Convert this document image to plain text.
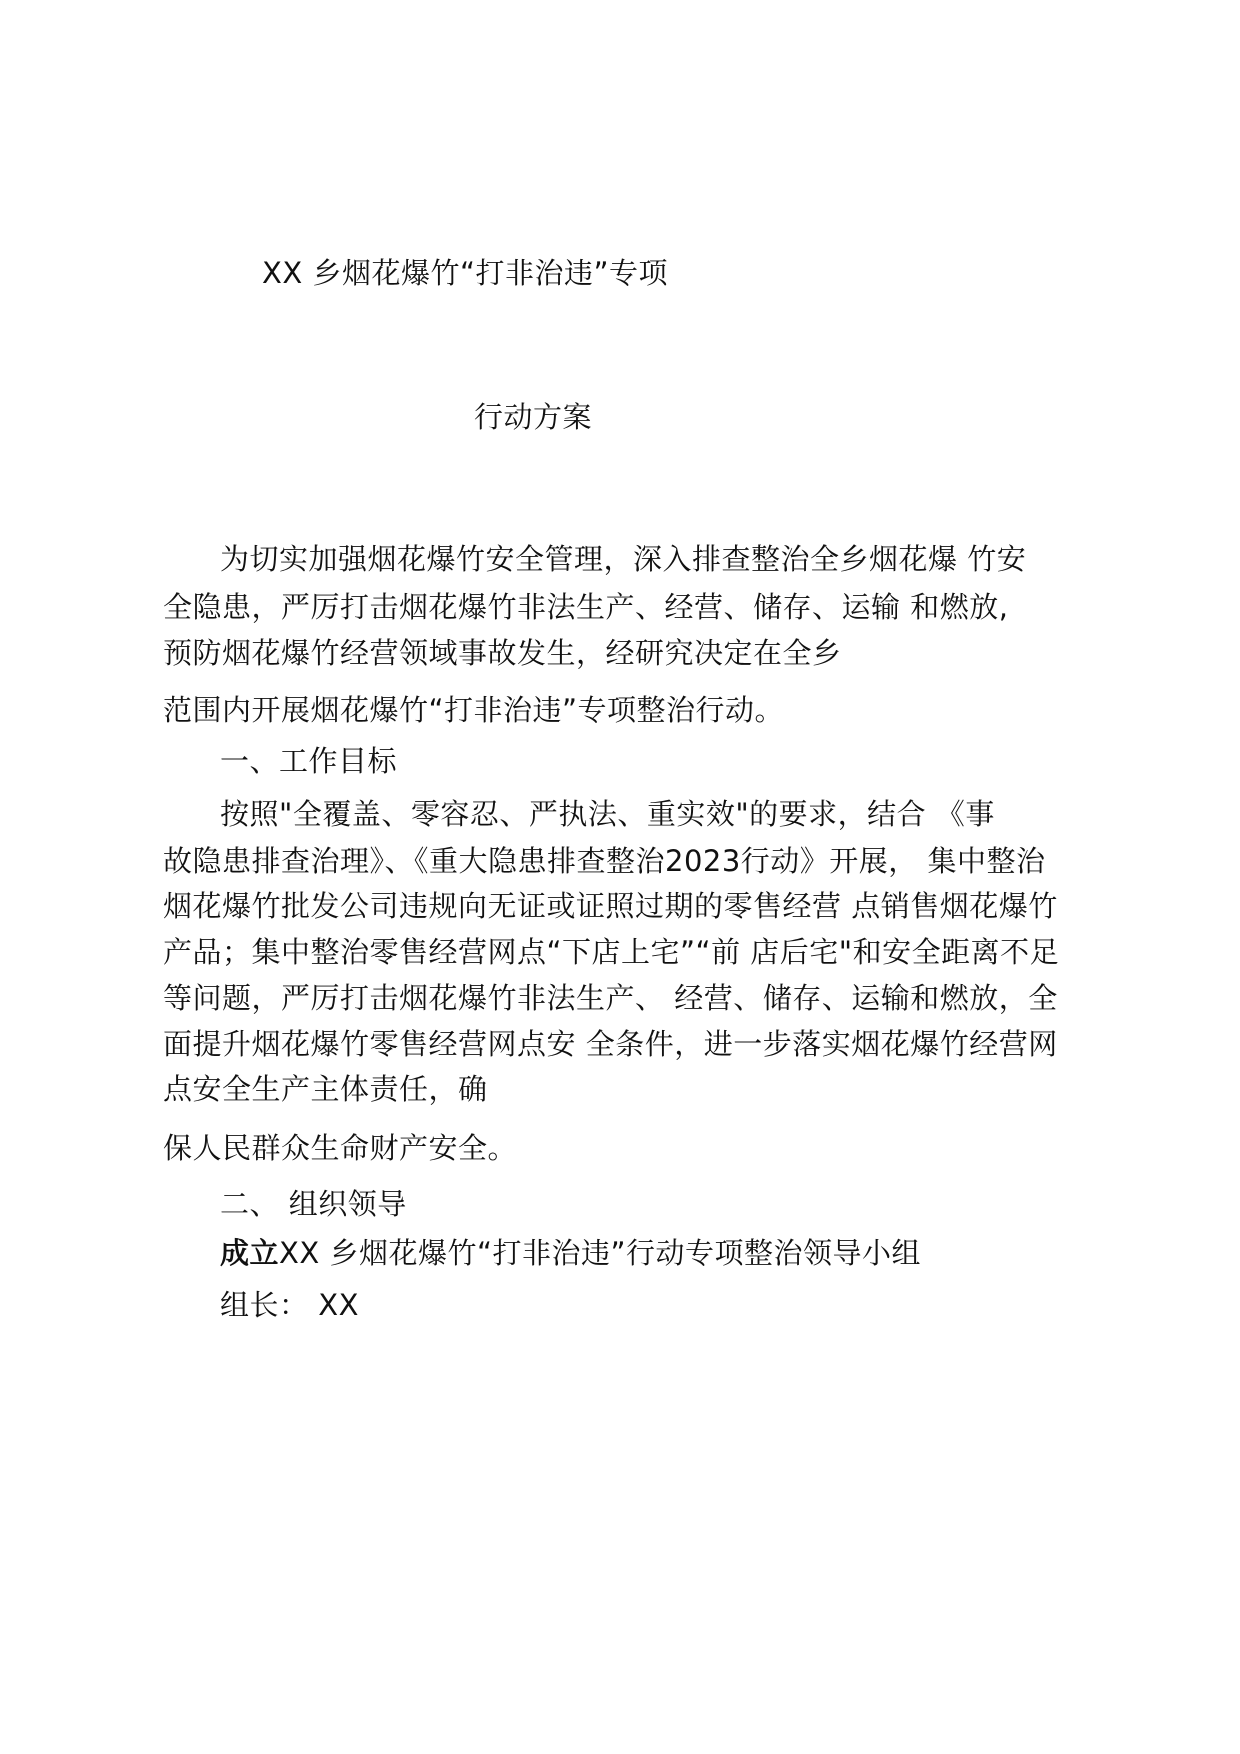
XX 乡烟花爆竹“打非治违”专项
行动方案
为切实加强烟花爆竹安全管理，深入排查整治全乡烟花爆 竹安
全隐患，严厉打击烟花爆竹非法生产、经营、储存、运输 和燃放,
预防烟花爆竹经营领域事故发生，经研究决定在全乡
范围内开展烟花爆竹“打非治违”专项整治行动。
一、工作目标
按照"全覆盖、零容忍、严执法、重实效"的要求，结合 《事
故隐患排查治理》、《重大隐患排查整治2023行动》开展， 集中整治
烟花爆竹批发公司违规向无证或证照过期的零售经营 点销售烟花爆竹
产品；集中整治零售经营网点“下店上宅”“前 店后宅"和安全距离不足
等问题，严厉打击烟花爆竹非法生产、 经营、储存、运输和燃放，全
面提升烟花爆竹零售经营网点安 全条件，进一步落实烟花爆竹经营网
点安全生产主体责任，确
保人民群众生命财产安全。
二、 组织领导
成立XX 乡烟花爆竹“打非治违”行动专项整治领导小组
组长： XX
